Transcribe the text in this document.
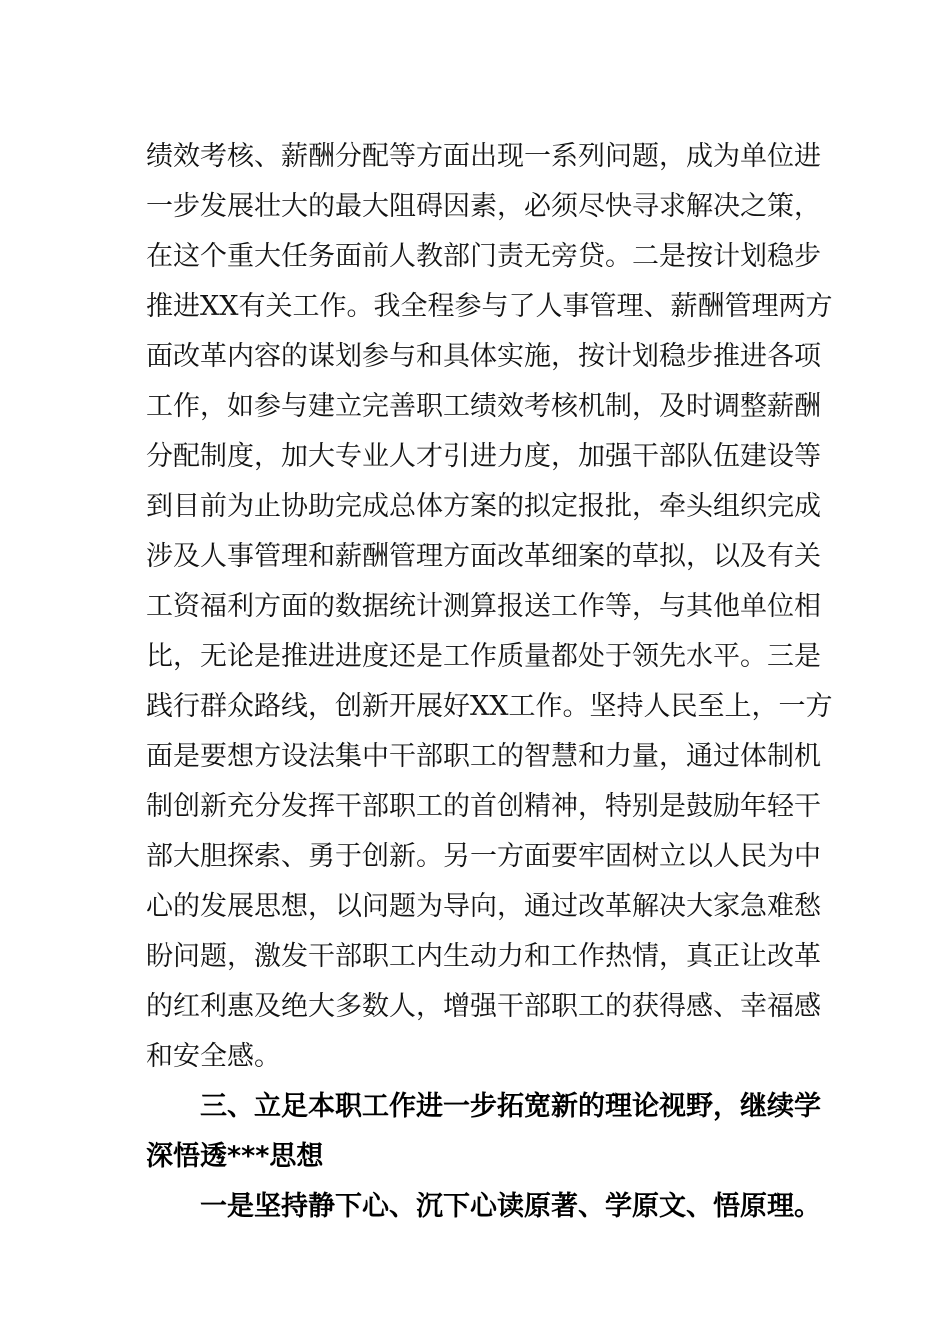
绩效考核、薪酬分配等方面出现一系列问题，成为单位进
一步发展壮大的最大阻碍因素，必须尽快寻求解决之策，
在这个重大任务面前人教部门责无旁贷。二是按计划稳步
推进XX有关工作。我全程参与了人事管理、薪酬管理两方
面改革内容的谋划参与和具体实施，按计划稳步推进各项
工作，如参与建立完善职工绩效考核机制，及时调整薪酬
分配制度，加大专业人才引进力度，加强干部队伍建设等
到目前为止协助完成总体方案的拟定报批，牵头组织完成
涉及人事管理和薪酬管理方面改革细案的草拟，以及有关
工资福利方面的数据统计测算报送工作等，与其他单位相
比，无论是推进进度还是工作质量都处于领先水平。三是
践行群众路线，创新开展好XX工作。坚持人民至上，一方
面是要想方设法集中干部职工的智慧和力量，通过体制机
制创新充分发挥干部职工的首创精神，特别是鼓励年轻干
部大胆探索、勇于创新。另一方面要牢固树立以人民为中
心的发展思想，以问题为导向，通过改革解决大家急难愁
盼问题，激发干部职工内生动力和工作热情，真正让改革
的红利惠及绝大多数人，增强干部职工的获得感、幸福感
和安全感。
三、立足本职工作进一步拓宽新的理论视野，继续学
深悟透***思想
一是坚持静下心、沉下心读原著、学原文、悟原理。
